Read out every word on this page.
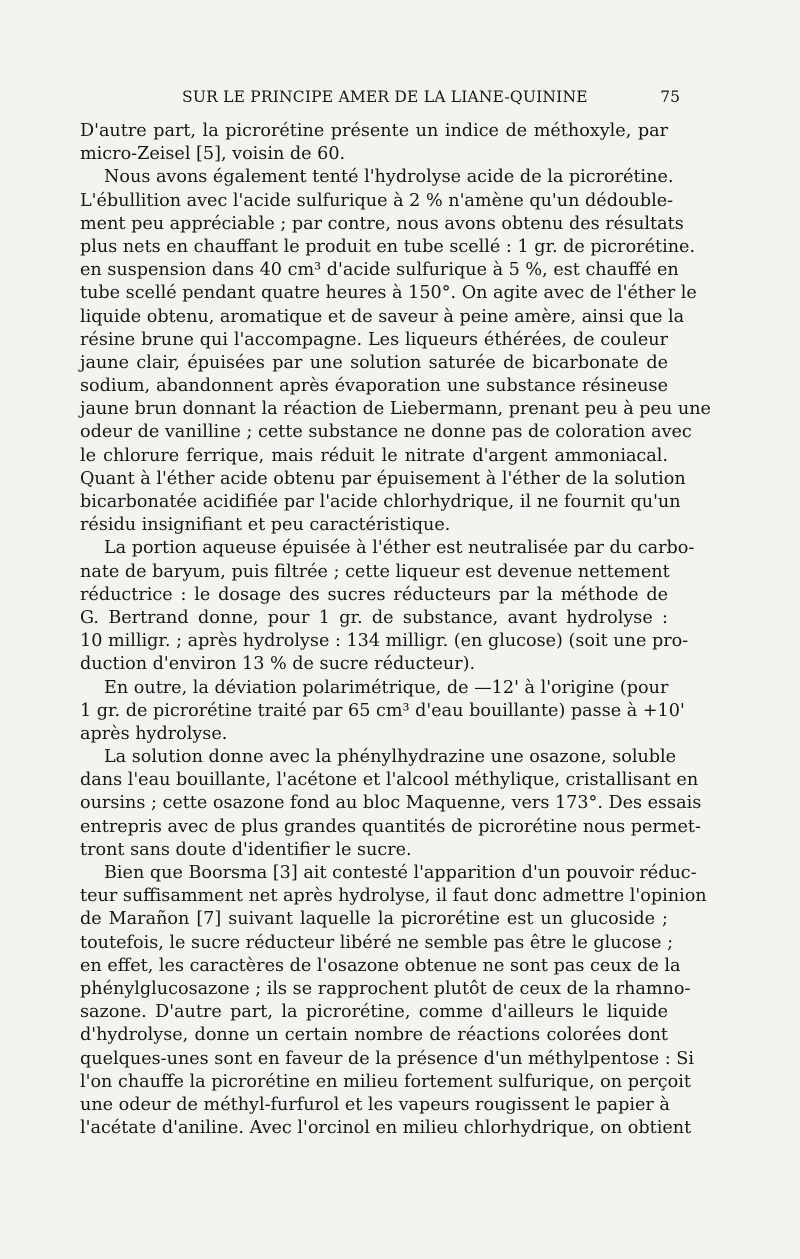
SUR LE PRINCIPE AMER DE LA LIANE-QUININE	75
D'autre part, la picrorétine présente un indice de méthoxyle, par
micro-Zeisel [5], voisin de 60.
Nous avons également tenté l'hydrolyse acide de la picrorétine.
L'ébullition avec l'acide sulfurique à 2 % n'amène qu'un dédouble-
ment peu appréciable ; par contre, nous avons obtenu des résultats
plus nets en chauffant le produit en tube scellé : 1 gr. de picrorétine.
en suspension dans 40 cm³ d'acide sulfurique à 5 %, est chauffé en
tube scellé pendant quatre heures à 150°. On agite avec de l'éther le
liquide obtenu, aromatique et de saveur à peine amère, ainsi que la
résine brune qui l'accompagne. Les liqueurs éthérées, de couleur
jaune clair, épuisées par une solution saturée de bicarbonate de
sodium, abandonnent après évaporation une substance résineuse
jaune brun donnant la réaction de Liebermann, prenant peu à peu une
odeur de vanilline ; cette substance ne donne pas de coloration avec
le chlorure ferrique, mais réduit le nitrate d'argent ammoniacal.
Quant à l'éther acide obtenu par épuisement à l'éther de la solution
bicarbonatée acidifiée par l'acide chlorhydrique, il ne fournit qu'un
résidu insignifiant et peu caractéristique.
La portion aqueuse épuisée à l'éther est neutralisée par du carbo-
nate de baryum, puis filtrée ; cette liqueur est devenue nettement
réductrice : le dosage des sucres réducteurs par la méthode de
G. Bertrand donne, pour 1 gr. de substance, avant hydrolyse :
10 milligr. ; après hydrolyse : 134 milligr. (en glucose) (soit une pro-
duction d'environ 13 % de sucre réducteur).
En outre, la déviation polarimétrique, de —12' à l'origine (pour
1 gr. de picrorétine traité par 65 cm³ d'eau bouillante) passe à +10'
après hydrolyse.
La solution donne avec la phénylhydrazine une osazone, soluble
dans l'eau bouillante, l'acétone et l'alcool méthylique, cristallisant en
oursins ; cette osazone fond au bloc Maquenne, vers 173°. Des essais
entrepris avec de plus grandes quantités de picrorétine nous permet-
tront sans doute d'identifier le sucre.
Bien que Boorsma [3] ait contesté l'apparition d'un pouvoir réduc-
teur suffisamment net après hydrolyse, il faut donc admettre l'opinion
de Marañon [7] suivant laquelle la picrorétine est un glucoside ;
toutefois, le sucre réducteur libéré ne semble pas être le glucose ;
en effet, les caractères de l'osazone obtenue ne sont pas ceux de la
phénylglucosazone ; ils se rapprochent plutôt de ceux de la rhamno-
sazone. D'autre part, la picrorétine, comme d'ailleurs le liquide
d'hydrolyse, donne un certain nombre de réactions colorées dont
quelques-unes sont en faveur de la présence d'un méthylpentose : Si
l'on chauffe la picrorétine en milieu fortement sulfurique, on perçoit
une odeur de méthyl-furfurol et les vapeurs rougissent le papier à
l'acétate d'aniline. Avec l'orcinol en milieu chlorhydrique, on obtient
